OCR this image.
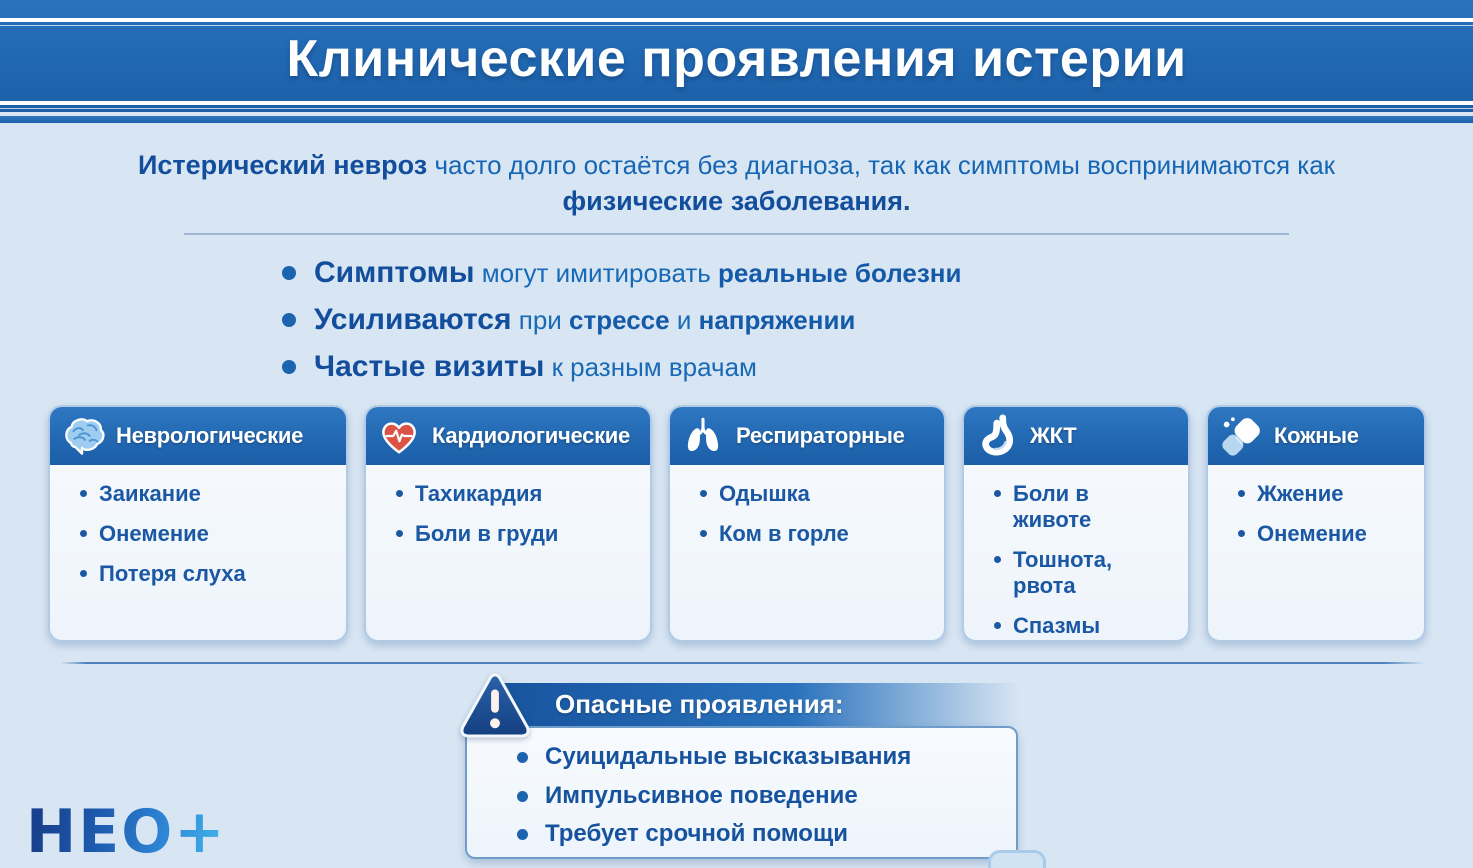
Клинические проявления истерии

Истерический невроз часто долго остаётся без диагноза, так как симптомы воспринимаются как физические заболевания.

Симптомы могут имитировать реальные болезни
Усиливаются при стрессе и напряжении
Частые визиты к разным врачам
Неврологические
Заикание
Онемение
Потеря слуха
Кардиологические
Тахикардия
Боли в груди
Респираторные
Одышка
Ком в горле
ЖКТ
Боли в животе
Тошнота, рвота
Спазмы
Кожные
Жжение
Онемение
Опасные проявления:
Суицидальные высказывания
Импульсивное поведение
Требует срочной помощи
НЕО+
